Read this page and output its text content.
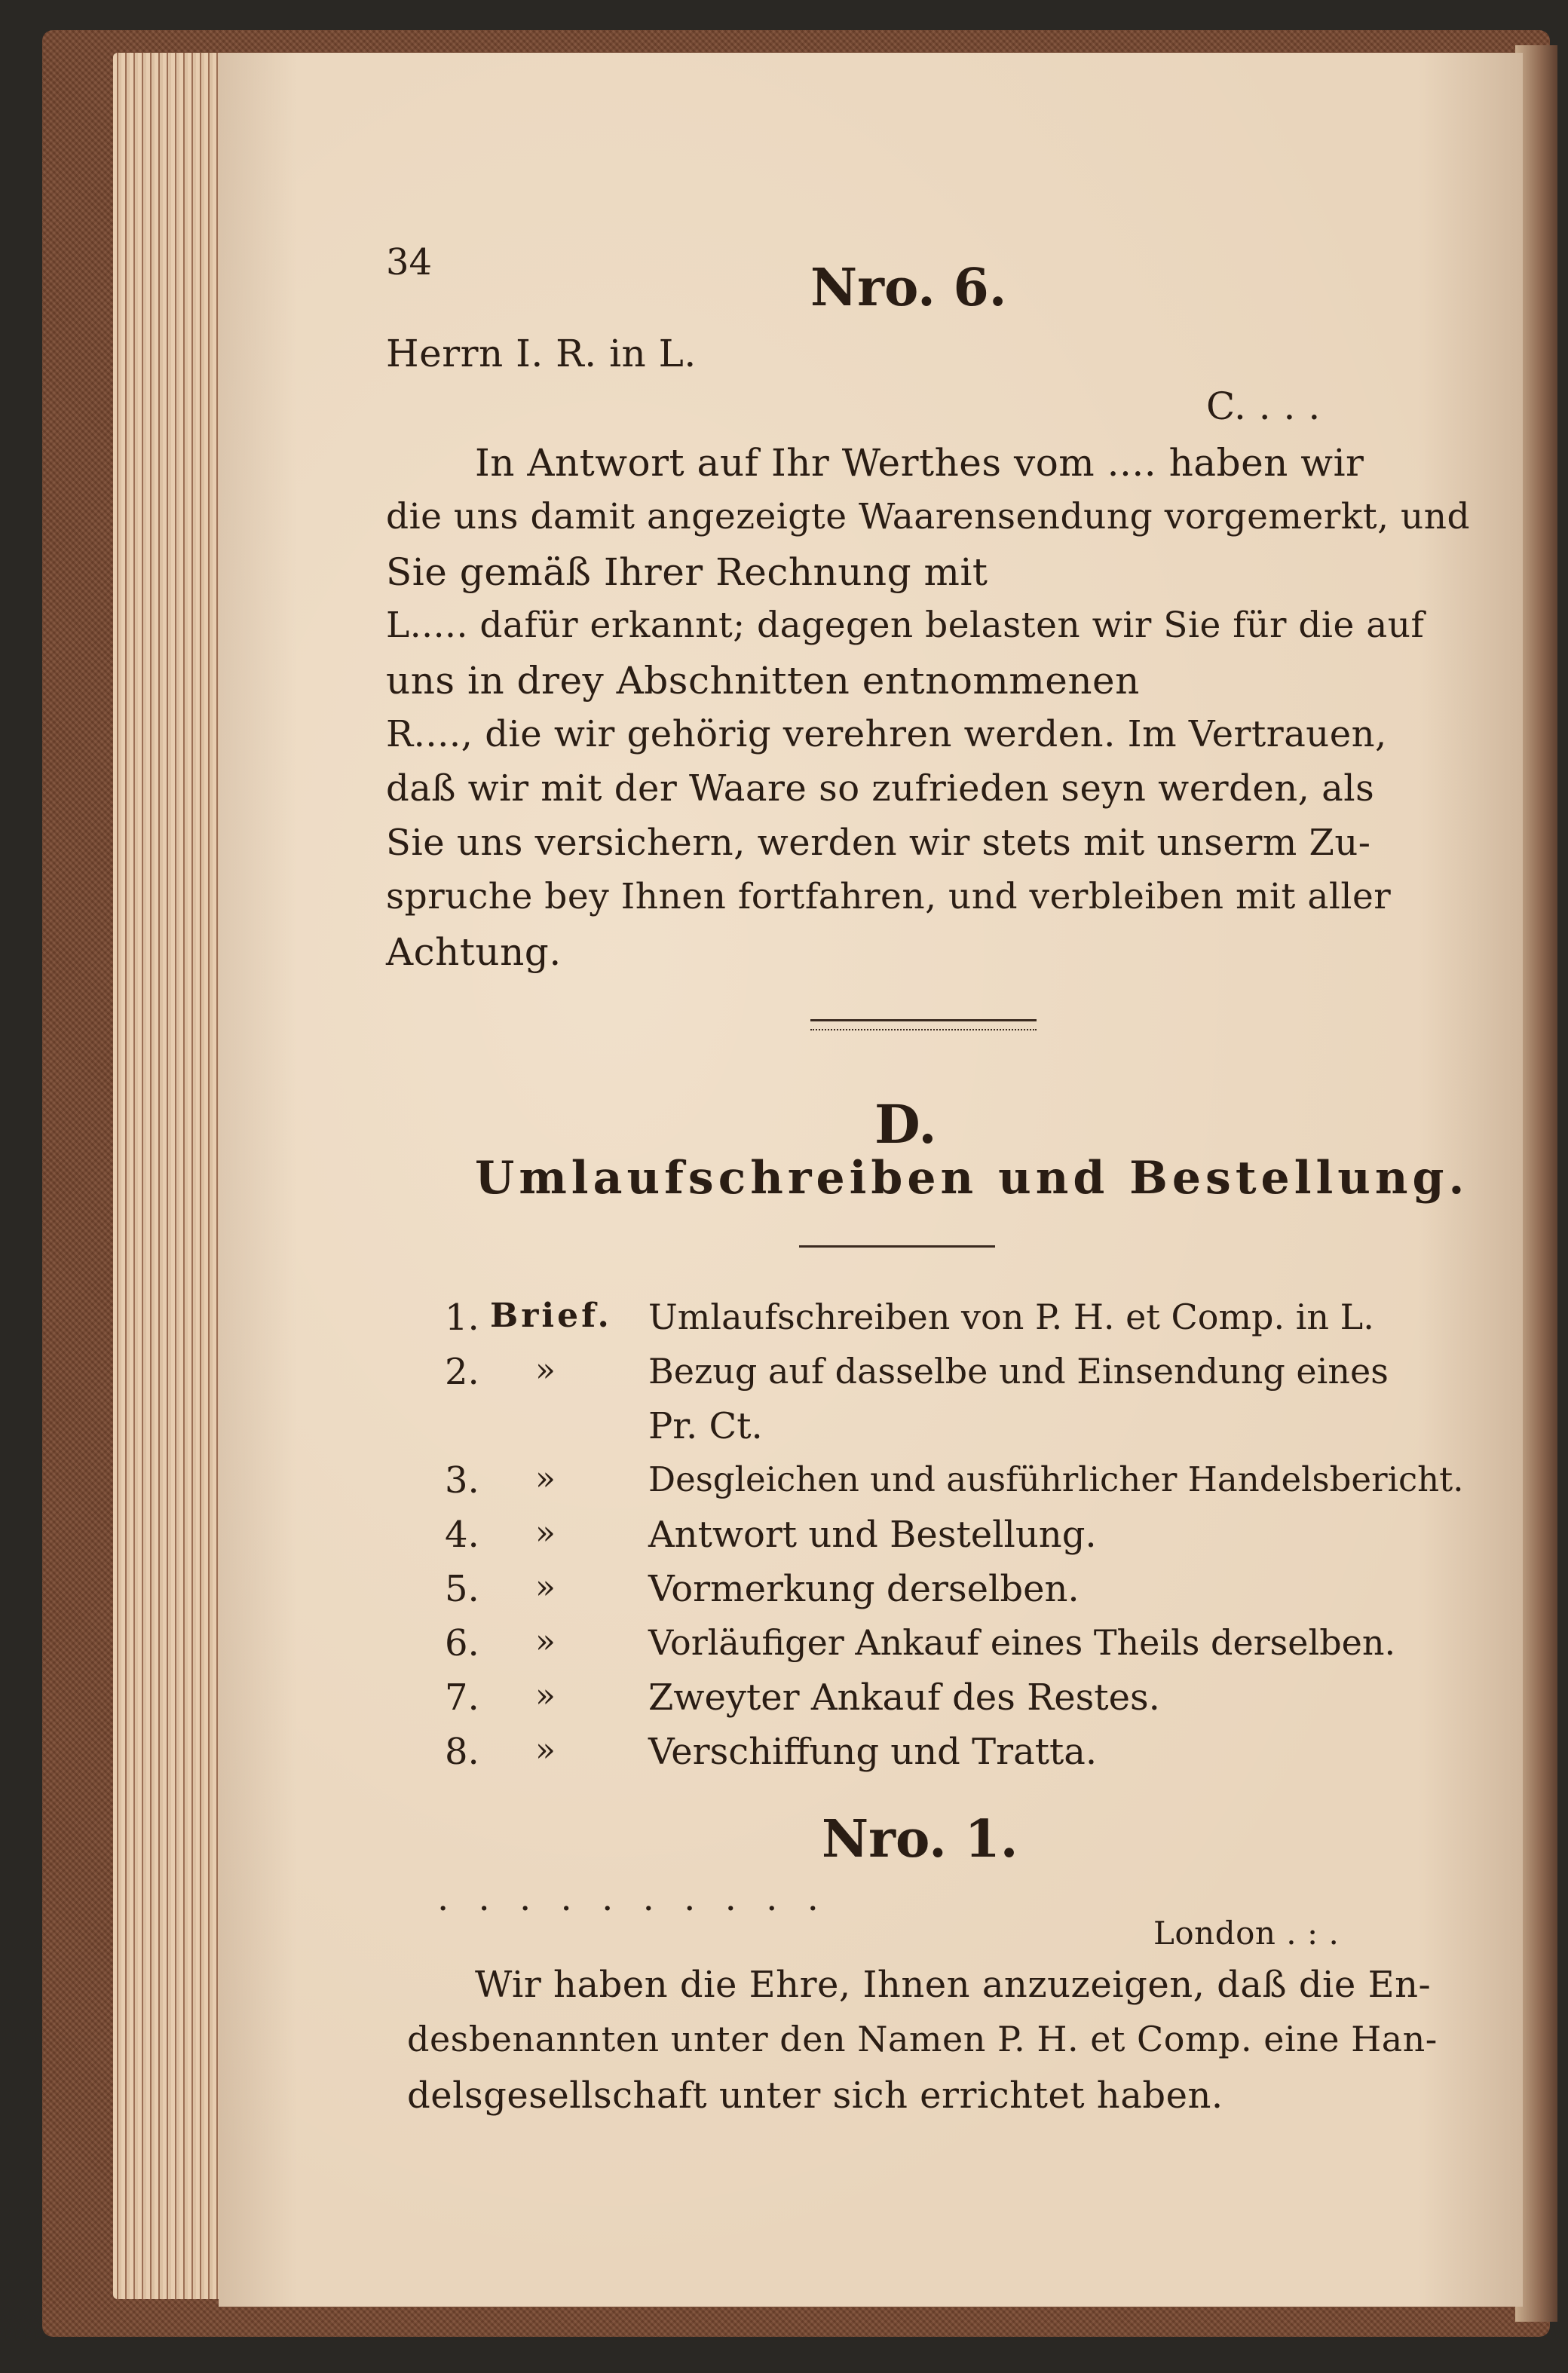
34	Nro. 6.
Herrn I. R. in L.
C. . . .
In Antwort auf Ihr Werthes vom .... haben wir
die uns damit angezeigte Waarensendung vorgemerkt, und
Sie gemäß Ihrer Rechnung mit
L..... dafür erkannt; dagegen belasten wir Sie für die auf
uns in drey Abschnitten entnommenen
R...., die wir gehörig verehren werden. Im Vertrauen,
daß wir mit der Waare so zufrieden seyn werden, als
Sie uns versichern, werden wir stets mit unserm Zu-
spruche bey Ihnen fortfahren, und verbleiben mit aller
Achtung.
D.
Umlaufschreiben und Bestellung.
1. Brief. Umlaufschreiben von P. H. et Comp. in L.
2. »	Bezug auf dasselbe und Einsendung eines
Pr. Ct.
3. »	Desgleichen und ausführlicher Handelsbericht.
4. »	Antwort und Bestellung.
5. »	Vormerkung derselben.
6. »	Vorläufiger Ankauf eines Theils derselben.
7. »	Zweyter Ankauf des Restes.
8. »	Verschiffung und Tratta.
Nro. 1.
. . . . . . . . . .
London . : .
Wir haben die Ehre, Ihnen anzuzeigen, daß die En-
desbenannten unter den Namen P. H. et Comp. eine Han-
delsgesellschaft unter sich errichtet haben.
